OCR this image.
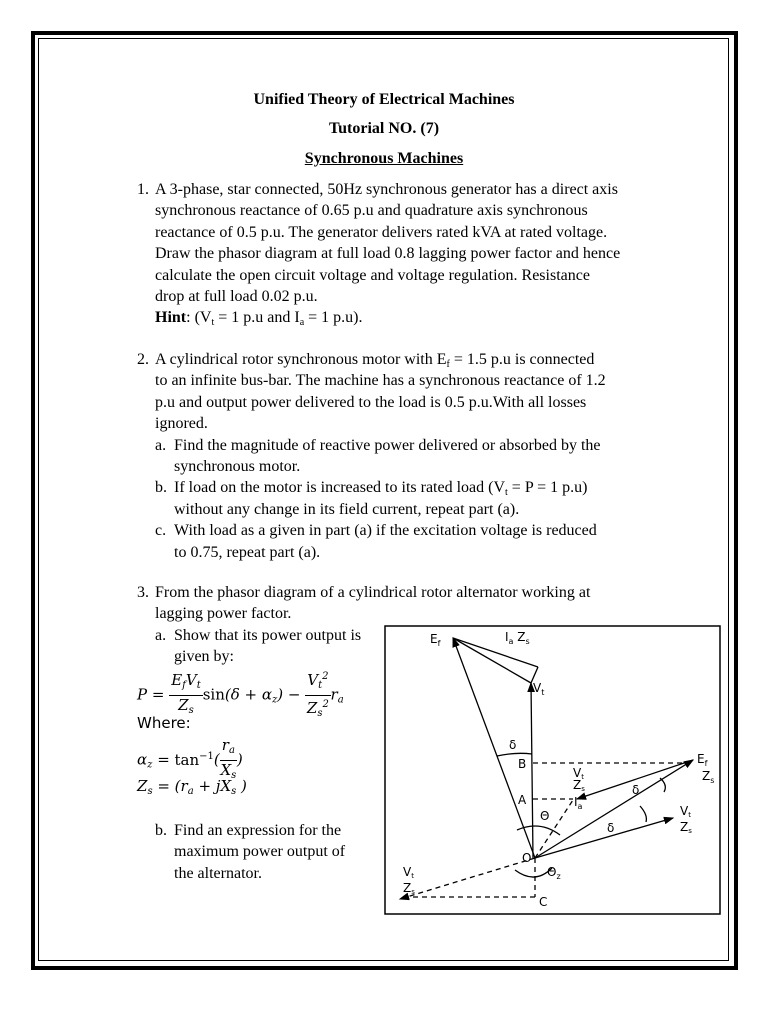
Unified Theory of Electrical Machines
Tutorial NO. (7)
Synchronous Machines
1. A 3-phase, star connected, 50Hz synchronous generator has a direct axis
synchronous reactance of 0.65 p.u and quadrature axis synchronous
reactance of 0.5 p.u. The generator delivers rated kVA at rated voltage.
Draw the phasor diagram at full load 0.8 lagging power factor and hence
calculate the open circuit voltage and voltage regulation. Resistance
drop at full load 0.02 p.u.
Hint: ($V_t = 1$ p.u and $I_a = 1$ p.u).
2. A cylindrical rotor synchronous motor with $E_f = 1.5$ p.u is connected
to an infinite bus-bar. The machine has a synchronous reactance of 1.2
p.u and output power delivered to the load is 0.5 p.u.With all losses
ignored.
a. Find the magnitude of reactive power delivered or absorbed by the
synchronous motor.
b. If load on the motor is increased to its rated load ($V_t = P = 1$ p.u)
without any change in its field current, repeat part (a).
c. With load as a given in part (a) if the excitation voltage is reduced
to 0.75, repeat part (a).
3. From the phasor diagram of a cylindrical rotor alternator working at
lagging power factor.
a. Show that its power output is
given by:
$P = \frac{E_fV_t}{Z_s} \sin(\delta + \alpha_z) - \frac{V_t^2}{Z_s^2} r_a$
Where:
$\alpha_z = \tan^{-1}( \frac{r_a}{X_s}$ )
$Z_s = (r_a + jX_s$ )
b. Find an expression for the
maximum power output of
the alternator.
$E_f$	$I_a$ $Z_s$
$V_t$
δ
B
A
O
C
Θ
$\Theta_z$
$I_a$
$E_f$
$Z_s$
Vt Zs	δ
δ
Vt Zs
Vt Zs
